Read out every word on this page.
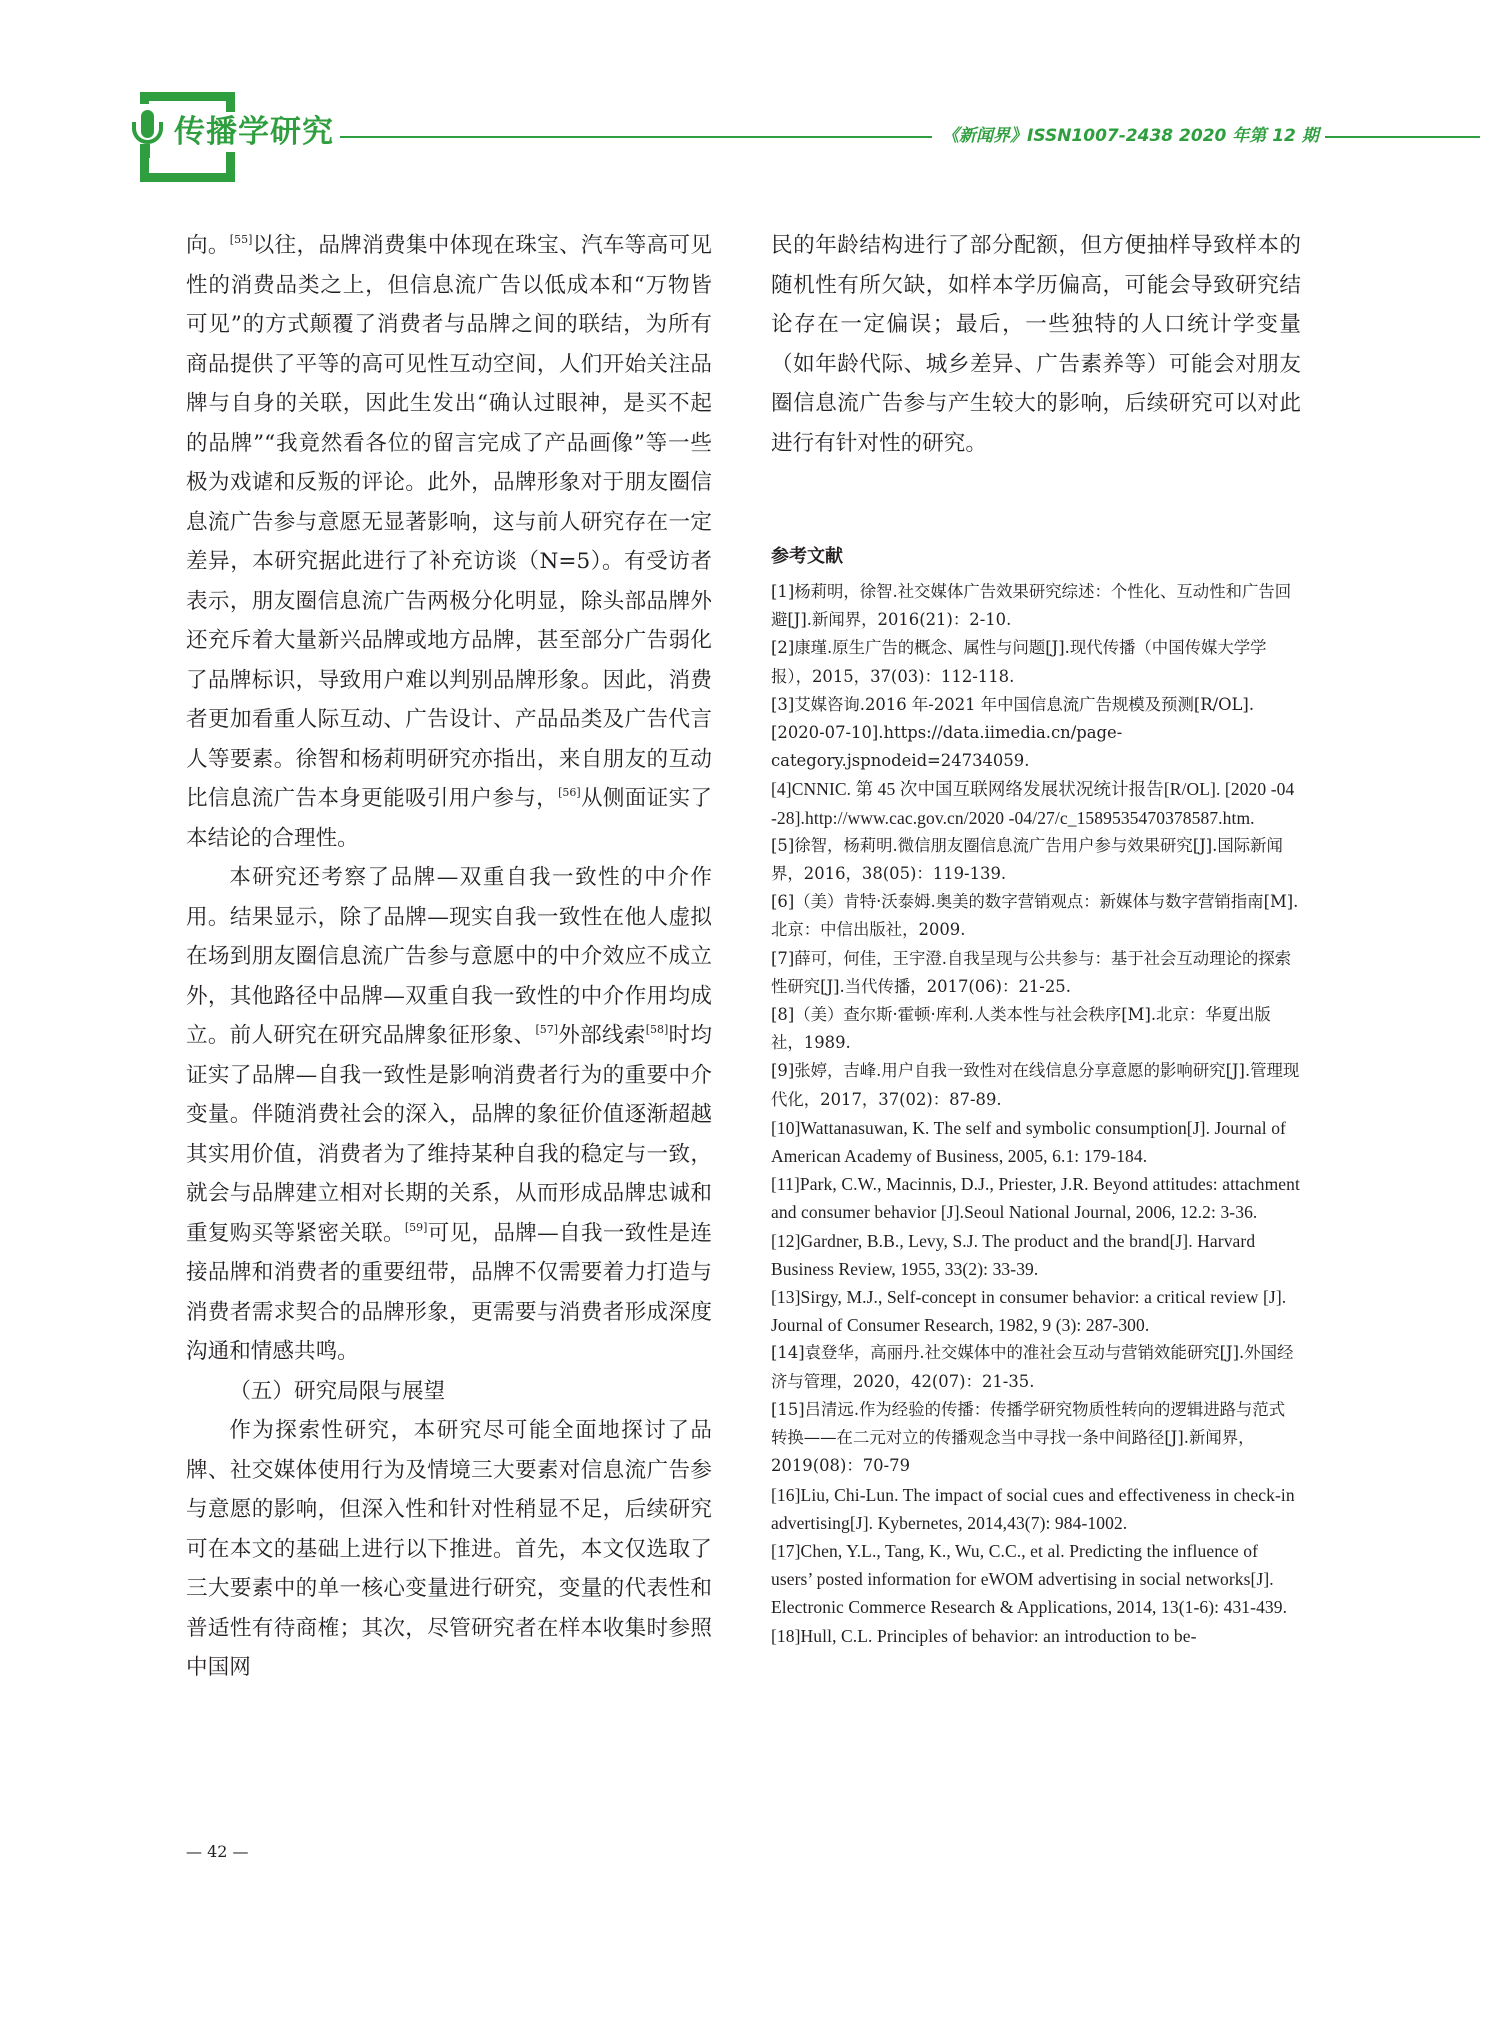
传播学研究	《新闻界》ISSN1007-2438 2020 年第 12 期

向。[55]以往，品牌消费集中体现在珠宝、汽车等高可见性的消费品类之上，但信息流广告以低成本和“万物皆可见”的方式颠覆了消费者与品牌之间的联结，为所有商品提供了平等的高可见性互动空间，人们开始关注品牌与自身的关联，因此生发出“确认过眼神，是买不起的品牌”“我竟然看各位的留言完成了产品画像”等一些极为戏谑和反叛的评论。此外，品牌形象对于朋友圈信息流广告参与意愿无显著影响，这与前人研究存在一定差异，本研究据此进行了补充访谈（N=5）。有受访者表示，朋友圈信息流广告两极分化明显，除头部品牌外还充斥着大量新兴品牌或地方品牌，甚至部分广告弱化了品牌标识，导致用户难以判别品牌形象。因此，消费者更加看重人际互动、广告设计、产品品类及广告代言人等要素。徐智和杨莉明研究亦指出，来自朋友的互动比信息流广告本身更能吸引用户参与，[56]从侧面证实了本结论的合理性。

本研究还考察了品牌—双重自我一致性的中介作用。结果显示，除了品牌—现实自我一致性在他人虚拟在场到朋友圈信息流广告参与意愿中的中介效应不成立外，其他路径中品牌—双重自我一致性的中介作用均成立。前人研究在研究品牌象征形象、[57]外部线索[58]时均证实了品牌—自我一致性是影响消费者行为的重要中介变量。伴随消费社会的深入，品牌的象征价值逐渐超越其实用价值，消费者为了维持某种自我的稳定与一致，就会与品牌建立相对长期的关系，从而形成品牌忠诚和重复购买等紧密关联。[59]可见，品牌—自我一致性是连接品牌和消费者的重要纽带，品牌不仅需要着力打造与消费者需求契合的品牌形象，更需要与消费者形成深度沟通和情感共鸣。

（五）研究局限与展望

作为探索性研究，本研究尽可能全面地探讨了品牌、社交媒体使用行为及情境三大要素对信息流广告参与意愿的影响，但深入性和针对性稍显不足，后续研究可在本文的基础上进行以下推进。首先，本文仅选取了三大要素中的单一核心变量进行研究，变量的代表性和普适性有待商榷；其次，尽管研究者在样本收集时参照中国网

民的年龄结构进行了部分配额，但方便抽样导致样本的随机性有所欠缺，如样本学历偏高，可能会导致研究结论存在一定偏误；最后，一些独特的人口统计学变量（如年龄代际、城乡差异、广告素养等）可能会对朋友圈信息流广告参与产生较大的影响，后续研究可以对此进行有针对性的研究。

参考文献
[1]杨莉明，徐智.社交媒体广告效果研究综述：个性化、互动性和广告回避[J].新闻界，2016(21)：2-10.
[2]康瑾.原生广告的概念、属性与问题[J].现代传播（中国传媒大学学报），2015，37(03)：112-118.
[3]艾媒咨询.2016 年-2021 年中国信息流广告规模及预测[R/OL]. [2020-07-10].https://data.iimedia.cn/page-category.jspnodeid=24734059.
[4]CNNIC. 第 45 次中国互联网络发展状况统计报告[R/OL]. [2020 -04 -28].http://www.cac.gov.cn/2020 -04/27/c_1589535470378587.htm.
[5]徐智，杨莉明.微信朋友圈信息流广告用户参与效果研究[J].国际新闻界，2016，38(05)：119-139.
[6]（美）肯特·沃泰姆.奥美的数字营销观点：新媒体与数字营销指南[M].北京：中信出版社，2009.
[7]薛可，何佳，王宇澄.自我呈现与公共参与：基于社会互动理论的探索性研究[J].当代传播，2017(06)：21-25.
[8]（美）查尔斯·霍顿·库利.人类本性与社会秩序[M].北京：华夏出版社，1989.
[9]张婷，吉峰.用户自我一致性对在线信息分享意愿的影响研究[J].管理现代化，2017，37(02)：87-89.
[10]Wattanasuwan, K. The self and symbolic consumption[J]. Journal of American Academy of Business, 2005, 6.1: 179-184.
[11]Park, C.W., Macinnis, D.J., Priester, J.R. Beyond attitudes: attachment and consumer behavior [J].Seoul National Journal, 2006, 12.2: 3-36.
[12]Gardner, B.B., Levy, S.J. The product and the brand[J]. Harvard Business Review, 1955, 33(2): 33-39.
[13]Sirgy, M.J., Self-concept in consumer behavior: a critical review [J]. Journal of Consumer Research, 1982, 9 (3): 287-300.
[14]袁登华，高丽丹.社交媒体中的准社会互动与营销效能研究[J].外国经济与管理，2020，42(07)：21-35.
[15]吕清远.作为经验的传播：传播学研究物质性转向的逻辑进路与范式转换——在二元对立的传播观念当中寻找一条中间路径[J].新闻界，2019(08)：70-79
[16]Liu, Chi-Lun. The impact of social cues and effectiveness in check-in advertising[J]. Kybernetes, 2014,43(7): 984-1002.
[17]Chen, Y.L., Tang, K., Wu, C.C., et al. Predicting the influence of users’ posted information for eWOM advertising in social networks[J]. Electronic Commerce Research & Applications, 2014, 13(1-6): 431-439.
[18]Hull, C.L. Principles of behavior: an introduction to be-
— 42 —
